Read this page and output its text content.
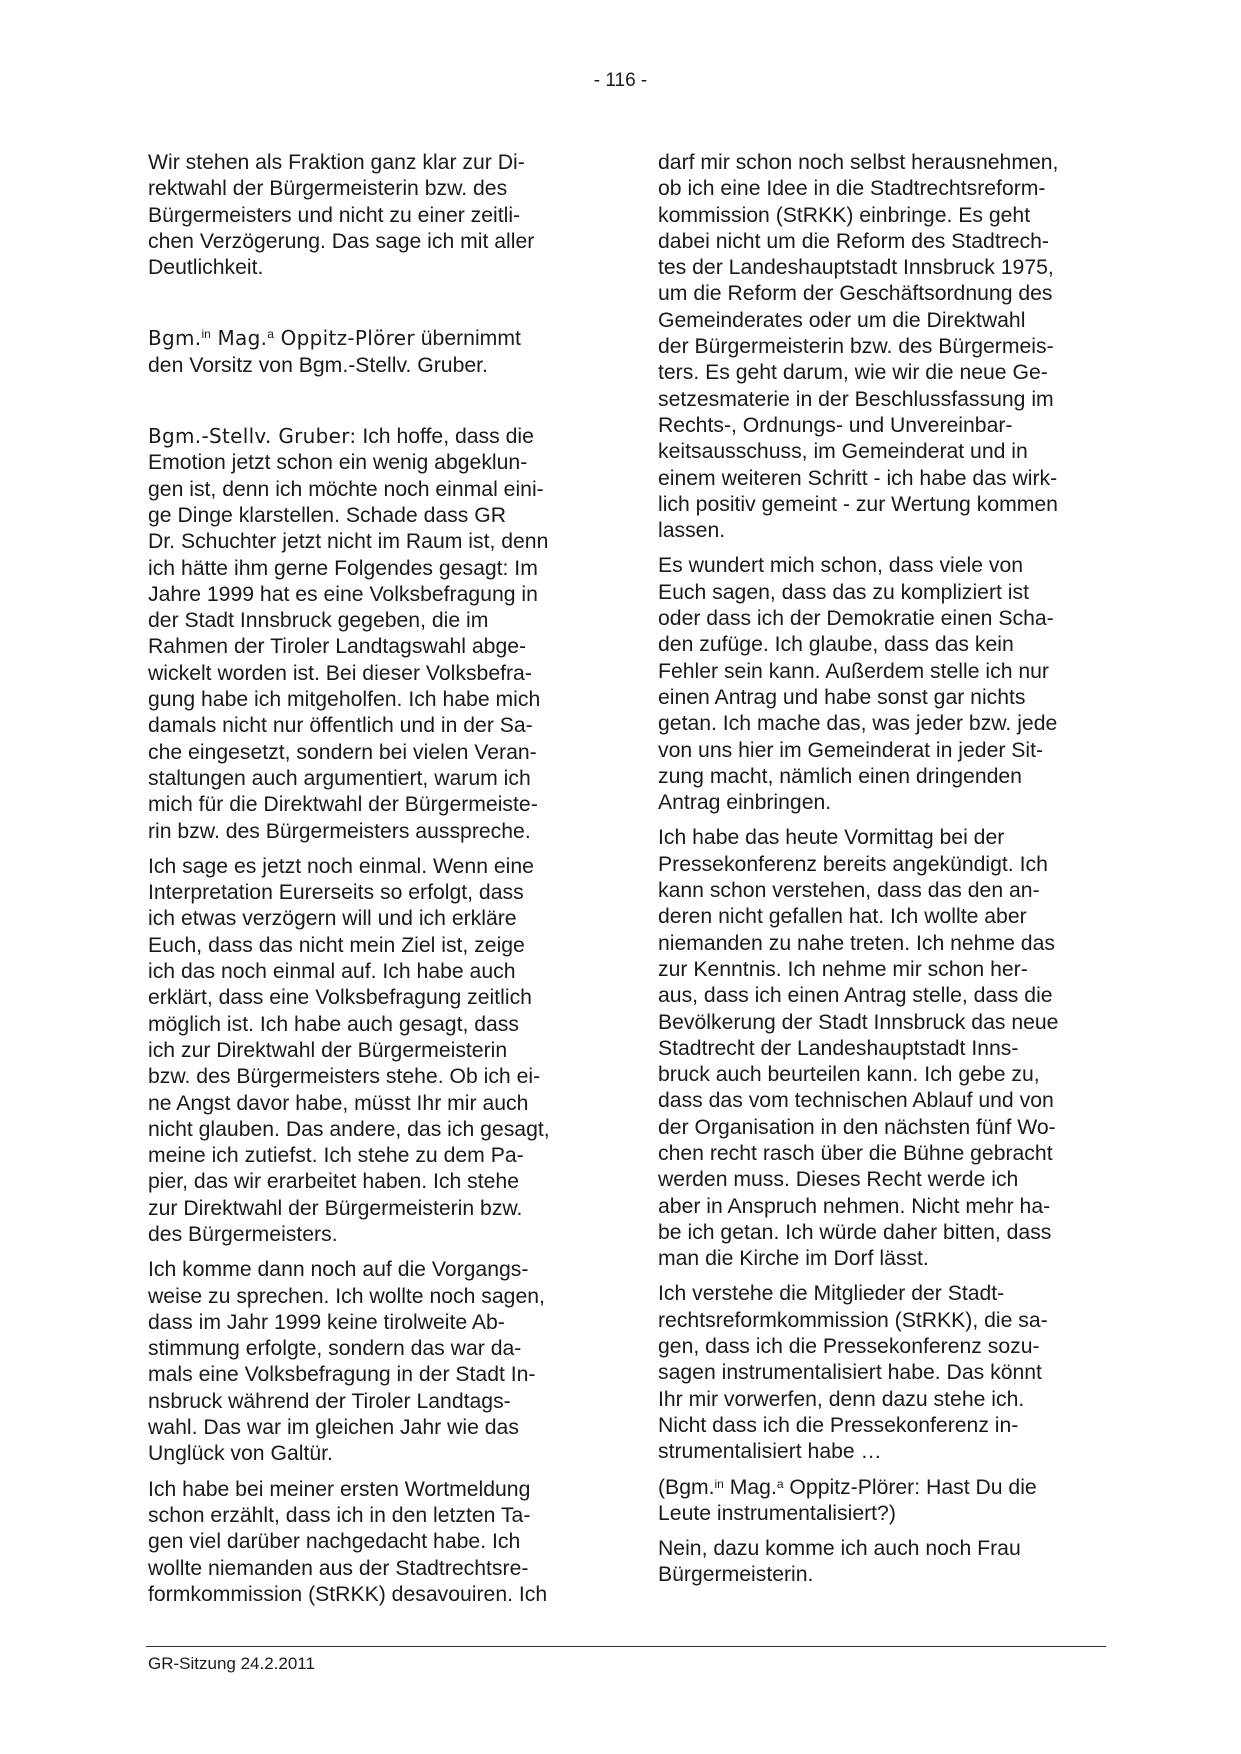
- 116 -

Wir stehen als Fraktion ganz klar zur Di-
rektwahl der Bürgermeisterin bzw. des
Bürgermeisters und nicht zu einer zeitli-
chen Verzögerung. Das sage ich mit aller
Deutlichkeit.

Bgm.$^{in}$ Mag.$^a$ Oppitz-Plörer übernimmt
den Vorsitz von Bgm.-Stellv. Gruber.

Bgm.-Stellv. Gruber: Ich hoffe, dass die
Emotion jetzt schon ein wenig abgeklun-
gen ist, denn ich möchte noch einmal eini-
ge Dinge klarstellen. Schade dass GR
Dr. Schuchter jetzt nicht im Raum ist, denn
ich hätte ihm gerne Folgendes gesagt: Im
Jahre 1999 hat es eine Volksbefragung in
der Stadt Innsbruck gegeben, die im
Rahmen der Tiroler Landtagswahl abge-
wickelt worden ist. Bei dieser Volksbefra-
gung habe ich mitgeholfen. Ich habe mich
damals nicht nur öffentlich und in der Sa-
che eingesetzt, sondern bei vielen Veran-
staltungen auch argumentiert, warum ich
mich für die Direktwahl der Bürgermeiste-
rin bzw. des Bürgermeisters ausspreche.

Ich sage es jetzt noch einmal. Wenn eine
Interpretation Eurerseits so erfolgt, dass
ich etwas verzögern will und ich erkläre
Euch, dass das nicht mein Ziel ist, zeige
ich das noch einmal auf. Ich habe auch
erklärt, dass eine Volksbefragung zeitlich
möglich ist. Ich habe auch gesagt, dass
ich zur Direktwahl der Bürgermeisterin
bzw. des Bürgermeisters stehe. Ob ich ei-
ne Angst davor habe, müsst Ihr mir auch
nicht glauben. Das andere, das ich gesagt,
meine ich zutiefst. Ich stehe zu dem Pa-
pier, das wir erarbeitet haben. Ich stehe
zur Direktwahl der Bürgermeisterin bzw.
des Bürgermeisters.

Ich komme dann noch auf die Vorgangs-
weise zu sprechen. Ich wollte noch sagen,
dass im Jahr 1999 keine tirolweite Ab-
stimmung erfolgte, sondern das war da-
mals eine Volksbefragung in der Stadt In-
nsbruck während der Tiroler Landtags-
wahl. Das war im gleichen Jahr wie das
Unglück von Galtür.

Ich habe bei meiner ersten Wortmeldung
schon erzählt, dass ich in den letzten Ta-
gen viel darüber nachgedacht habe. Ich
wollte niemanden aus der Stadtrechtsre-
formkommission (StRKK) desavouiren. Ich

darf mir schon noch selbst herausnehmen,
ob ich eine Idee in die Stadtrechtsreform-
kommission (StRKK) einbringe. Es geht
dabei nicht um die Reform des Stadtrech-
tes der Landeshauptstadt Innsbruck 1975,
um die Reform der Geschäftsordnung des
Gemeinderates oder um die Direktwahl
der Bürgermeisterin bzw. des Bürgermeis-
ters. Es geht darum, wie wir die neue Ge-
setzesmaterie in der Beschlussfassung im
Rechts-, Ordnungs- und Unvereinbar-
keitsausschuss, im Gemeinderat und in
einem weiteren Schritt - ich habe das wirk-
lich positiv gemeint - zur Wertung kommen
lassen.

Es wundert mich schon, dass viele von
Euch sagen, dass das zu kompliziert ist
oder dass ich der Demokratie einen Scha-
den zufüge. Ich glaube, dass das kein
Fehler sein kann. Außerdem stelle ich nur
einen Antrag und habe sonst gar nichts
getan. Ich mache das, was jeder bzw. jede
von uns hier im Gemeinderat in jeder Sit-
zung macht, nämlich einen dringenden
Antrag einbringen.

Ich habe das heute Vormittag bei der
Pressekonferenz bereits angekündigt. Ich
kann schon verstehen, dass das den an-
deren nicht gefallen hat. Ich wollte aber
niemanden zu nahe treten. Ich nehme das
zur Kenntnis. Ich nehme mir schon her-
aus, dass ich einen Antrag stelle, dass die
Bevölkerung der Stadt Innsbruck das neue
Stadtrecht der Landeshauptstadt Inns-
bruck auch beurteilen kann. Ich gebe zu,
dass das vom technischen Ablauf und von
der Organisation in den nächsten fünf Wo-
chen recht rasch über die Bühne gebracht
werden muss. Dieses Recht werde ich
aber in Anspruch nehmen. Nicht mehr ha-
be ich getan. Ich würde daher bitten, dass
man die Kirche im Dorf lässt.

Ich verstehe die Mitglieder der Stadt-
rechtsreformkommission (StRKK), die sa-
gen, dass ich die Pressekonferenz sozu-
sagen instrumentalisiert habe. Das könnt
Ihr mir vorwerfen, denn dazu stehe ich.
Nicht dass ich die Pressekonferenz in-
strumentalisiert habe …

(Bgm.$^{in}$ Mag.$^a$ Oppitz-Plörer: Hast Du die
Leute instrumentalisiert?)

Nein, dazu komme ich auch noch Frau
Bürgermeisterin.

GR-Sitzung 24.2.2011
